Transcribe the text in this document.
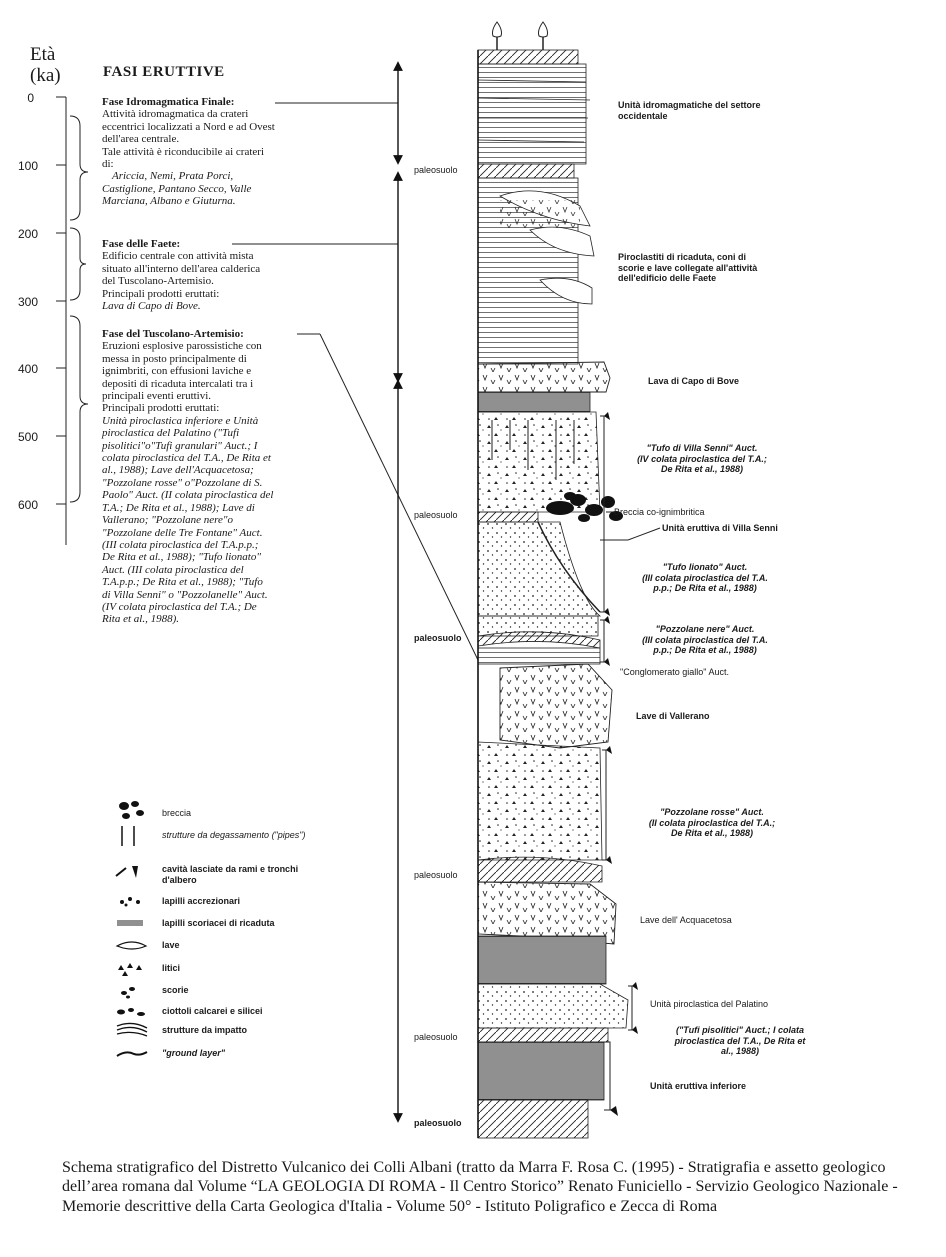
Età
(ka)
0
100
200
300
400
500
600
FASI ERUTTIVE
Fase Idromagmatica Finale:
Attività idromagmatica da crateri
eccentrici localizzati a Nord e ad Ovest
dell'area centrale.
Tale attività è riconducibile ai crateri
di:
Ariccia, Nemi, Prata Porci,
Castiglione, Pantano Secco, Valle
Marciana, Albano e Giuturna.
Fase delle Faete:
Edificio centrale con attività mista
situato all'interno dell'area calderica
del Tuscolano-Artemisio.
Principali prodotti eruttati:
Lava di Capo di Bove.
Fase del Tuscolano-Artemisio:
Eruzioni esplosive parossistiche con
messa in posto principalmente di
ignimbriti, con effusioni laviche e
depositi di ricaduta intercalati tra i
principali eventi eruttivi.
Principali prodotti eruttati:
Unità piroclastica inferiore e Unità
piroclastica del Palatino ("Tufi
pisolitici"o"Tufi granulari" Auct.; I
colata piroclastica del T.A., De Rita et
al., 1988); Lave dell'Acquacetosa;
"Pozzolane rosse" o"Pozzolane di S.
Paolo" Auct. (II colata piroclastica del
T.A.; De Rita et al., 1988); Lave di
Vallerano; "Pozzolane nere"o
"Pozzolane delle Tre Fontane" Auct.
(III colata piroclastica del T.A.p.p.;
De Rita et al., 1988); "Tufo lionato"
Auct. (III colata piroclastica del
T.A.p.p.; De Rita et al., 1988); "Tufo
di Villa Senni" o "Pozzolanelle" Auct.
(IV colata piroclastica del T.A.; De
Rita et al., 1988).
paleosuolo
paleosuolo
paleosuolo
paleosuolo
paleosuolo
paleosuolo
Unità idromagmatiche del settore
occidentale
Piroclastiti di ricaduta, coni di
scorie e lave collegate all'attività
dell'edificio delle Faete
Lava di Capo di Bove
"Tufo di Villa Senni" Auct.
(IV colata piroclastica del T.A.;
De Rita et al., 1988)
Breccia co-ignimbritica
Unità eruttiva di Villa Senni
"Tufo lionato" Auct.
(III colata piroclastica del T.A.
p.p.; De Rita et al., 1988)
"Pozzolane nere" Auct.
(III colata piroclastica del T.A.
p.p.; De Rita et al., 1988)
"Conglomerato giallo" Auct.
Lave di Vallerano
"Pozzolane rosse" Auct.
(II colata piroclastica del T.A.;
De Rita et al., 1988)
Lave dell' Acquacetosa
Unità piroclastica del Palatino
("Tufi pisolitici" Auct.; I colata
piroclastica del T.A., De Rita et
al., 1988)
Unità eruttiva inferiore
breccia
strutture da degassamento ("pipes")
cavità lasciate da rami e tronchi
d'albero
lapilli accrezionari
lapilli scoriacei di ricaduta
lave
litici
scorie
ciottoli calcarei e silicei
strutture da impatto
"ground layer"
Schema stratigrafico del Distretto Vulcanico dei Colli Albani (tratto da Marra F. Rosa C. (1995) - Stratigrafia e assetto geologico dell’area romana dal Volume “LA GEOLOGIA DI ROMA - Il Centro Storico” Renato Funiciello - Servizio Geologico Nazionale - Memorie descrittive della Carta Geologica d'Italia - Volume 50° - Istituto Poligrafico e Zecca di Roma
